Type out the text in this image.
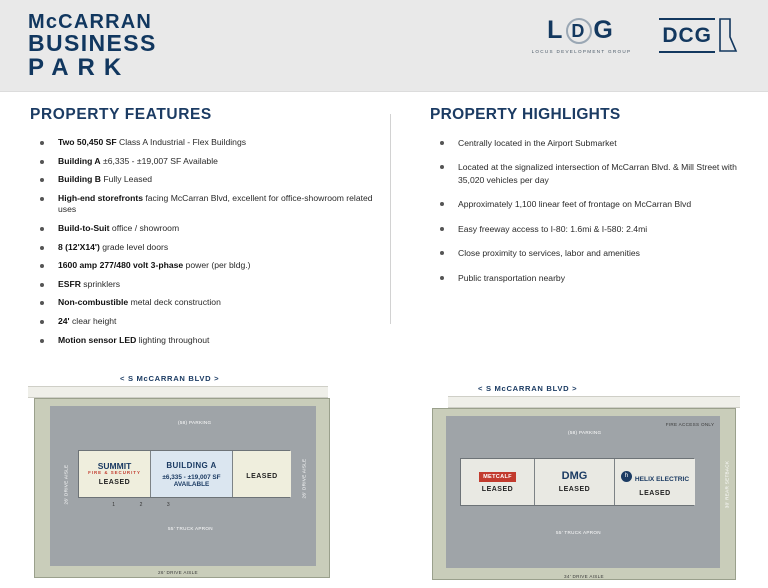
McCARRAN
BUSINESS
PARK
L D G
LOCUS DEVELOPMENT GROUP
DCG
PROPERTY FEATURES
Two 50,450 SF Class A Industrial - Flex Buildings
Building A ±6,335 - ±19,007 SF Available
Building B Fully Leased
High-end storefronts facing McCarran Blvd, excellent for office-showroom related uses
Build-to-Suit office / showroom
8 (12'X14') grade level doors
1600 amp 277/480 volt 3-phase power (per bldg.)
ESFR sprinklers
Non-combustible metal deck construction
24' clear height
Motion sensor LED lighting throughout
PROPERTY HIGHLIGHTS
Centrally located in the Airport Submarket
Located at the signalized intersection of McCarran Blvd. & Mill Street with 35,020 vehicles per day
Approximately 1,100 linear feet of frontage on McCarran Blvd
Easy freeway access to I-80: 1.6mi & I-580: 2.4mi
Close proximity to services, labor and amenities
Public transportation nearby
< S McCARRAN BLVD >
< S McCARRAN BLVD >
(58) PARKING
SUMMIT
FIRE & SECURITY
LEASED
BUILDING A
±6,335 - ±19,007 SF
AVAILABLE
LEASED
1	2	3
55' TRUCK APRON
26' DRIVE AISLE	26' DRIVE AISLE
26' DRIVE AISLE
(58) PARKING
FIRE ACCESS ONLY
METCALF
LEASED
DMG
LEASED
h HELIX ELECTRIC
LEASED
55' TRUCK APRON
30' REAR SETBACK
34' DRIVE AISLE
